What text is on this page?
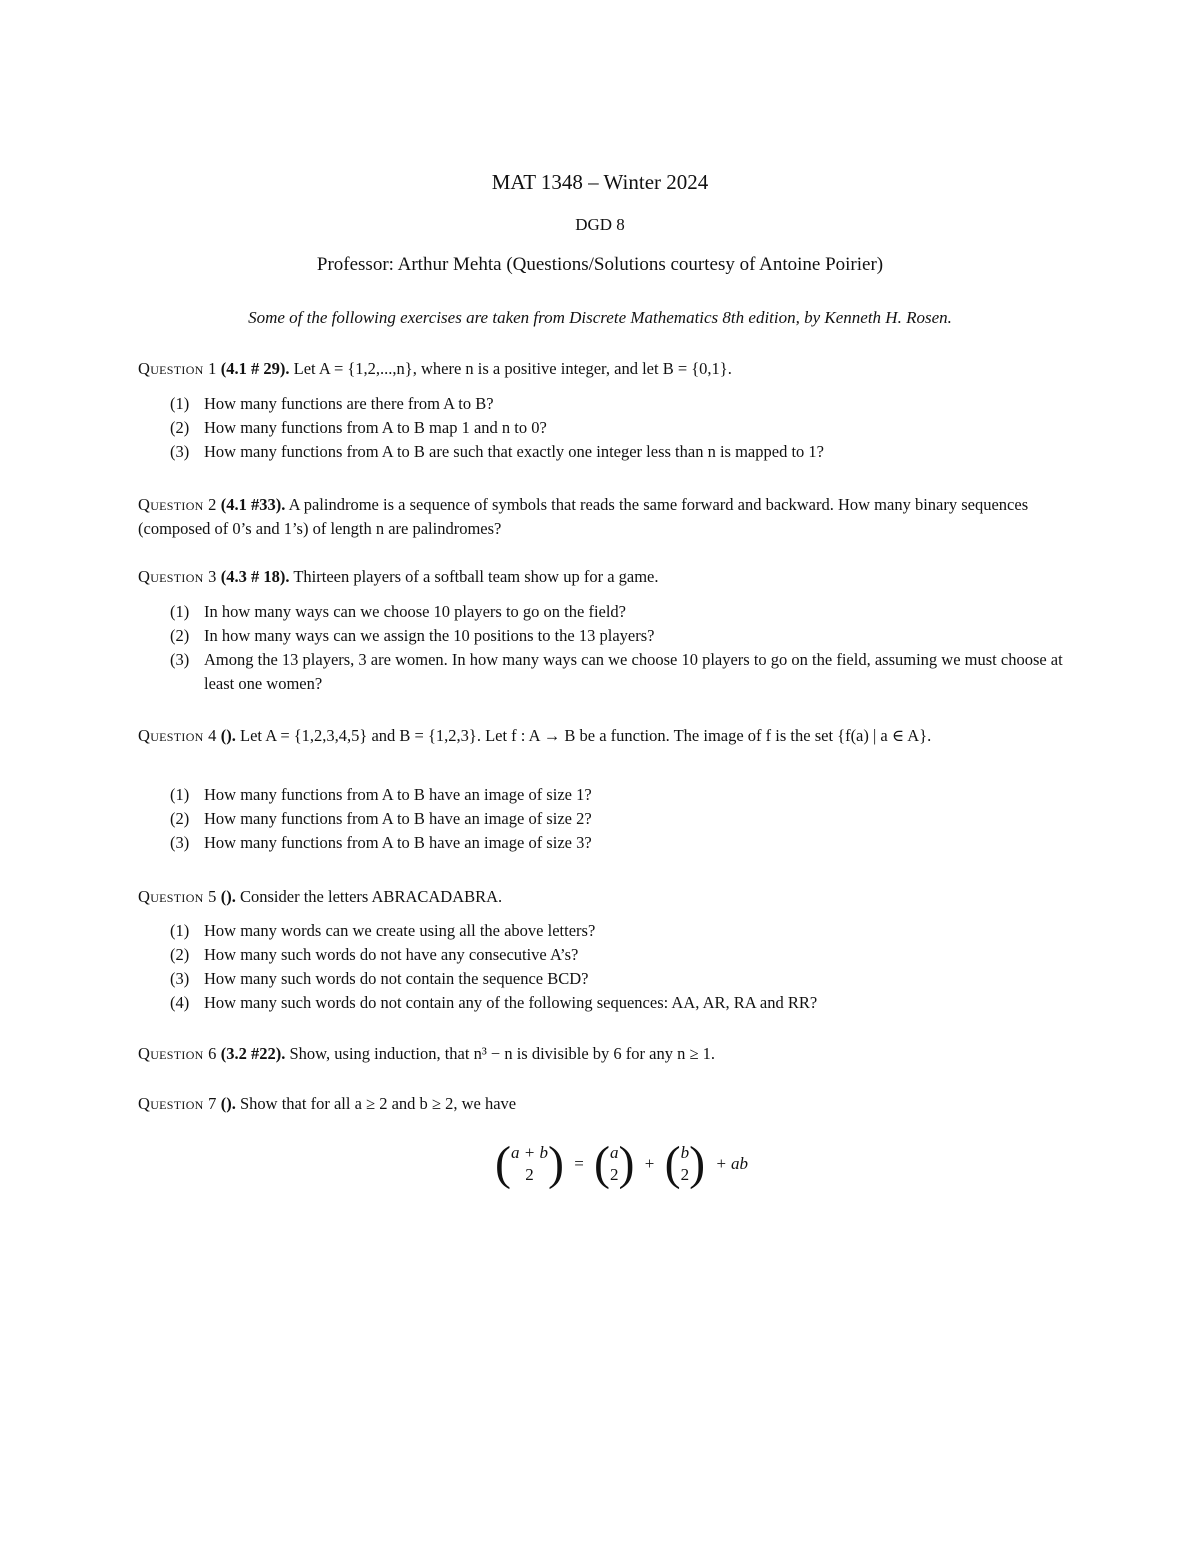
MAT 1348 – Winter 2024
DGD 8
Professor: Arthur Mehta (Questions/Solutions courtesy of Antoine Poirier)
Some of the following exercises are taken from Discrete Mathematics 8th edition, by Kenneth H. Rosen.
Question 1 (4.1 # 29). Let A = {1,2,...,n}, where n is a positive integer, and let B = {0,1}.
(1) How many functions are there from A to B?
(2) How many functions from A to B map 1 and n to 0?
(3) How many functions from A to B are such that exactly one integer less than n is mapped to 1?
Question 2 (4.1 #33). A palindrome is a sequence of symbols that reads the same forward and backward. How many binary sequences (composed of 0’s and 1’s) of length n are palindromes?
Question 3 (4.3 # 18). Thirteen players of a softball team show up for a game.
(1) In how many ways can we choose 10 players to go on the field?
(2) In how many ways can we assign the 10 positions to the 13 players?
(3) Among the 13 players, 3 are women. In how many ways can we choose 10 players to go on the field, assuming we must choose at least one women?
Question 4 (). Let A = {1,2,3,4,5} and B = {1,2,3}. Let f : A → B be a function. The image of f is the set {f(a) | a ∈ A}.
(1) How many functions from A to B have an image of size 1?
(2) How many functions from A to B have an image of size 2?
(3) How many functions from A to B have an image of size 3?
Question 5 (). Consider the letters ABRACADABRA.
(1) How many words can we create using all the above letters?
(2) How many such words do not have any consecutive A’s?
(3) How many such words do not contain the sequence BCD?
(4) How many such words do not contain any of the following sequences: AA, AR, RA and RR?
Question 6 (3.2 #22). Show, using induction, that n³ − n is divisible by 6 for any n ≥ 1.
Question 7 (). Show that for all a ≥ 2 and b ≥ 2, we have
( a + b
2 ) = ( a
2 ) + ( b
2 ) + ab
